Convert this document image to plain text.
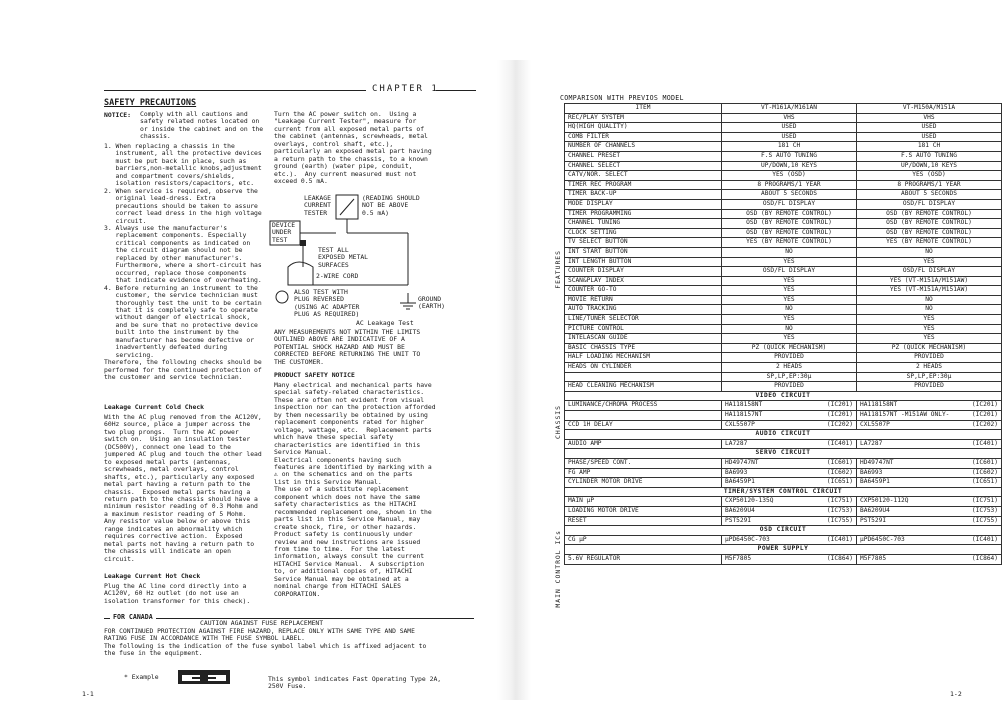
CHAPTER 1
SAFETY PRECAUTIONS
NOTICE: Comply with all cautions and
safety related notes located on
or inside the cabinet and on the
chassis.
1. When replacing a chassis in the
instrument, all the protective devices
must be put back in place, such as
barriers,non-metallic knobs,adjustment
and compartment covers/shields,
isolation resistors/capacitors, etc.
2. When service is required, observe the
original lead-dress. Extra
precautions should be taken to assure
correct lead dress in the high voltage
circuit.
3. Always use the manufacturer's
replacement components. Especially
critical components as indicated on
the circuit diagram should not be
replaced by other manufacturer's.
Furthermore, where a short-circuit has
occurred, replace those components
that indicate evidence of overheating.
4. Before returning an instrument to the
customer, the service technician must
thoroughly test the unit to be certain
that it is completely safe to operate
without danger of electrical shock,
and be sure that no protective device
built into the instrument by the
manufacturer has become defective or
inadvertently defeated during
servicing.
Therefore, the following checks should be
performed for the continued protection of
the customer and service technician.
Leakage Current Cold Check
With the AC plug removed from the AC120V,
60Hz source, place a jumper across the
two plug prongs.  Turn the AC power
switch on.  Using an insulation tester
(DC500V), connect one lead to the
jumpered AC plug and touch the other lead
to exposed metal parts (antennas,
screwheads, metal overlays, control
shafts, etc.), particularly any exposed
metal part having a return path to the
chassis.  Exposed metal parts having a
return path to the chassis should have a
minimum resistor reading of 0.3 Mohm and
a maximum resistor reading of 5 Mohm.
Any resistor value below or above this
range indicates an abnormality which
requires corrective action.  Exposed
metal parts not having a return path to
the chassis will indicate an open
circuit.
Leakage Current Hot Check
Plug the AC line cord directly into a
AC120V, 60 Hz outlet (do not use an
isolation transformer for this check).
Turn the AC power switch on.  Using a
"Leakage Current Tester", measure for
current from all exposed metal parts of
the cabinet (antennas, screwheads, metal
overlays, control shaft, etc.),
particularly an exposed metal part having
a return path to the chassis, to a known
ground (earth) (water pipe, conduit,
etc.).  Any current measured must not
exceed 0.5 mA.
LEAKAGE
CURRENT
TESTER
(READING SHOULD
NOT BE ABOVE
0.5 mA)
DEVICE
UNDER
TEST
TEST ALL
EXPOSED METAL
SURFACES
2-WIRE CORD
ALSO TEST WITH
PLUG REVERSED
(USING AC ADAPTER
PLUG AS REQUIRED)
GROUND
(EARTH)
AC Leakage Test
ANY MEASUREMENTS NOT WITHIN THE LIMITS
OUTLINED ABOVE ARE INDICATIVE OF A
POTENTIAL SHOCK HAZARD AND MUST BE
CORRECTED BEFORE RETURNING THE UNIT TO
THE CUSTOMER.
PRODUCT SAFETY NOTICE
Many electrical and mechanical parts have
special safety-related characteristics.
These are often not evident from visual
inspection nor can the protection afforded
by them necessarily be obtained by using
replacement components rated for higher
voltage, wattage, etc.  Replacement parts
which have these special safety
characteristics are identified in this
Service Manual.
Electrical components having such
features are identified by marking with a
⚠ on the schematics and on the parts
list in this Service Manual.
The use of a substitute replacement
component which does not have the same
safety characteristics as the HITACHI
recommended replacement one, shown in the
parts list in this Service Manual, may
create shock, fire, or other hazards.
Product safety is continuously under
review and new instructions are issued
from time to time.  For the latest
information, always consult the current
HITACHI Service Manual.  A subscription
to, or additional copies of, HITACHI
Service Manual may be obtained at a
nominal charge from HITACHI SALES
CORPORATION.
FOR CANADA
CAUTION AGAINST FUSE REPLACEMENT
FOR CONTINUED PROTECTION AGAINST FIRE HAZARD, REPLACE ONLY WITH SAME TYPE AND SAME
RATING FUSE IN ACCORDANCE WITH THE FUSE SYMBOL LABEL.
The following is the indication of the fuse symbol label which is affixed adjacent to
the fuse in the equipment.
* Example	This symbol indicates Fast Operating Type 2A,
250V Fuse.
1-1
COMPARISON WITH PREVIOS MODEL
ITEM	VT-M161A/M161AN	VT-M150A/M151A
REC/PLAY SYSTEM	VHS	VHS
HQ(HIGH QUALITY)	USED	USED
COMB FILTER	USED	USED
NUMBER OF CHANNELS	181 CH	181 CH
CHANNEL PRESET	F.S AUTO TUNING	F.S AUTO TUNING
CHANNEL SELECT	UP/DOWN,10 KEYS	UP/DOWN,10 KEYS
CATV/NOR. SELECT	YES (OSD)	YES (OSD)
TIMER REC PROGRAM	8 PROGRAMS/1 YEAR	8 PROGRAMS/1 YEAR
TIMER BACK-UP	ABOUT 5 SECONDS	ABOUT 5 SECONDS
MODE DISPLAY	OSD/FL DISPLAY	OSD/FL DISPLAY
TIMER PROGRAMMING	OSD (BY REMOTE CONTROL)	OSD (BY REMOTE CONTROL)
CHANNEL TUNING	OSD (BY REMOTE CONTROL)	OSD (BY REMOTE CONTROL)
CLOCK SETTING	OSD (BY REMOTE CONTROL)	OSD (BY REMOTE CONTROL)
TV SELECT BUTTON	YES (BY REMOTE CONTROL)	YES (BY REMOTE CONTROL)
INT START BUTTON	NO	NO
INT LENGTH BUTTON	YES	YES
COUNTER DISPLAY	OSD/FL DISPLAY	OSD/FL DISPLAY
SCAN&PLAY INDEX	YES	YES (VT-M151A/M151AW)
COUNTER GO-TO	YES	YES (VT-M151A/M151AW)
MOVIE RETURN	YES	NO
AUTO TRACKING	NO	NO
LINE/TUNER SELECTOR	YES	YES
PICTURE CONTROL	NO	YES
INTELASCAN GUIDE	YES	YES
BASIC CHASSIS TYPE	PZ (QUICK MECHANISM)	PZ (QUICK MECHANISM)
HALF LOADING MECHANISM	PROVIDED	PROVIDED
HEADS ON CYLINDER	2 HEADS	2 HEADS
	SP,LP,EP:30µ	SP,LP,EP:30µ
HEAD CLEANING MECHANISM	PROVIDED	PROVIDED
VIDEO CIRCUIT		
LUMINANCE/CHROMA PROCESS	HA118158NT (IC201)	HA118158NT (IC201)

	HA118157NT (IC201)	HA118157NT -M151AW ONLY- (IC201)

CCD 1H DELAY	CXL5507P (IC202)	CXL5507P (IC202)

AUDIO CIRCUIT		
AUDIO AMP	LA7287 (IC401)	LA7287 (IC401)

SERVO CIRCUIT		
PHASE/SPEED CONT.	HD49747NT (IC601)	HD49747NT (IC601)

FG AMP	BA6993 (IC602)	BA6993 (IC602)

CYLINDER MOTOR DRIVE	BA6459P1 (IC651)	BA6459P1 (IC651)

TIMER/SYSTEM CONTROL CIRCUIT		
MAIN µP	CXP50120-135Q (IC751)	CXP50120-112Q (IC751)

LOADING MOTOR DRIVE	BA6209U4 (IC753)	BA6209U4 (IC753)

RESET	PST529I (IC755)	PST529I (IC755)

OSD CIRCUIT		
CG µP	µPD6450C-703 (IC401)	µPD6450C-703 (IC401)

POWER SUPPLY		
5.6V REGULATOR	M5F7805 (IC864)	M5F7805 (IC864)
FEATURES
CHASSIS
MAIN CONTROL ICs
1-2
